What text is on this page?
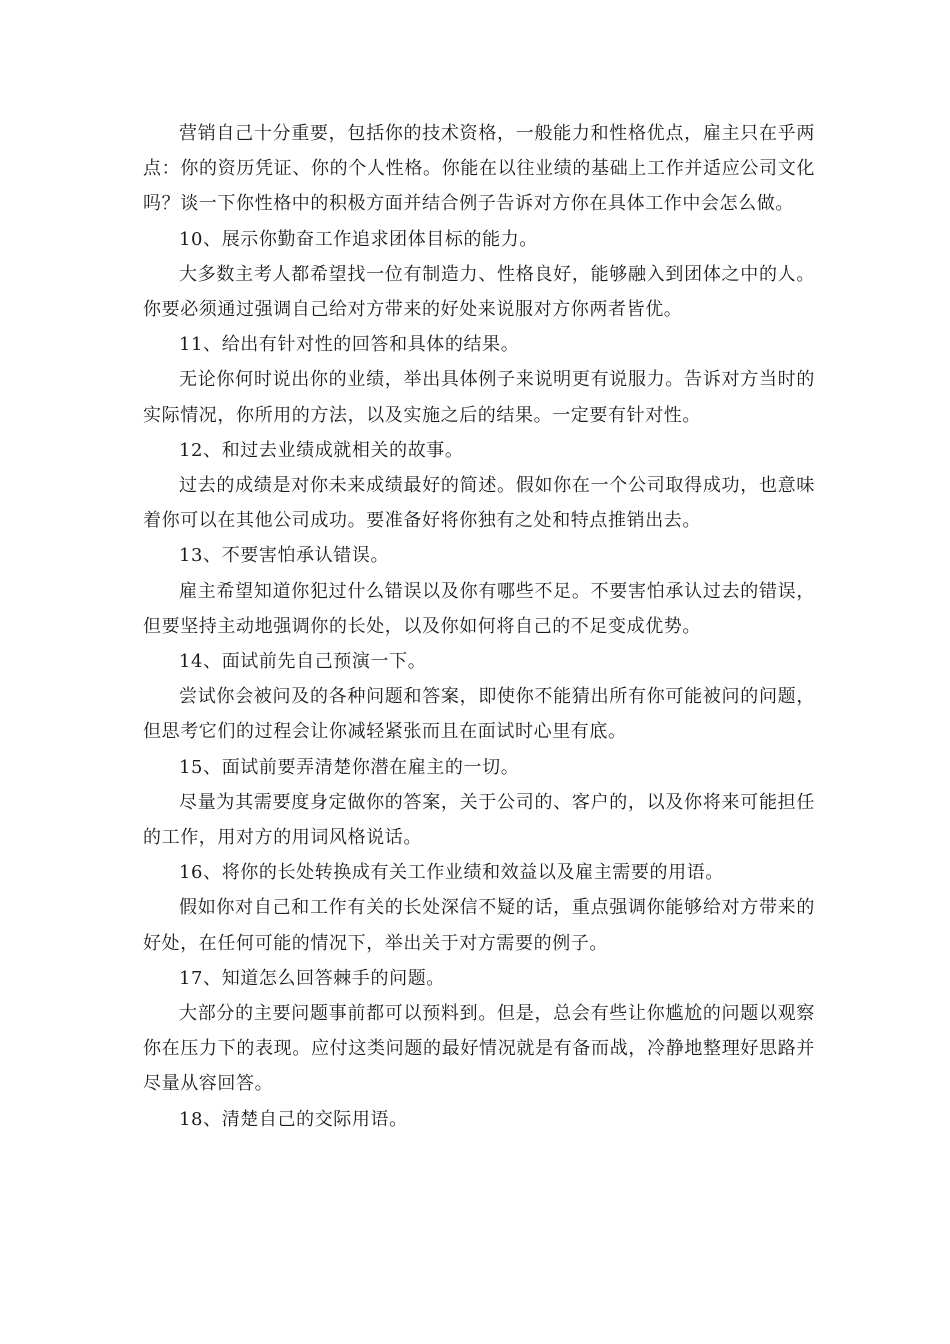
营销自己十分重要，包括你的技术资格，一般能力和性格优点，雇主只在乎两点：你的资历凭证、你的个人性格。你能在以往业绩的基础上工作并适应公司文化吗？谈一下你性格中的积极方面并结合例子告诉对方你在具体工作中会怎么做。

10、展示你勤奋工作追求团体目标的能力。

大多数主考人都希望找一位有制造力、性格良好，能够融入到团体之中的人。你要必须通过强调自己给对方带来的好处来说服对方你两者皆优。

11、给出有针对性的回答和具体的结果。

无论你何时说出你的业绩，举出具体例子来说明更有说服力。告诉对方当时的实际情况，你所用的方法，以及实施之后的结果。一定要有针对性。

12、和过去业绩成就相关的故事。

过去的成绩是对你未来成绩最好的简述。假如你在一个公司取得成功，也意味着你可以在其他公司成功。要准备好将你独有之处和特点推销出去。

13、不要害怕承认错误。

雇主希望知道你犯过什么错误以及你有哪些不足。不要害怕承认过去的错误，但要坚持主动地强调你的长处，以及你如何将自己的不足变成优势。

14、面试前先自己预演一下。

尝试你会被问及的各种问题和答案，即使你不能猜出所有你可能被问的问题，但思考它们的过程会让你减轻紧张而且在面试时心里有底。

15、面试前要弄清楚你潜在雇主的一切。

尽量为其需要度身定做你的答案，关于公司的、客户的，以及你将来可能担任的工作，用对方的用词风格说话。

16、将你的长处转换成有关工作业绩和效益以及雇主需要的用语。

假如你对自己和工作有关的长处深信不疑的话，重点强调你能够给对方带来的好处，在任何可能的情况下，举出关于对方需要的例子。

17、知道怎么回答棘手的问题。

大部分的主要问题事前都可以预料到。但是，总会有些让你尴尬的问题以观察你在压力下的表现。应付这类问题的最好情况就是有备而战，冷静地整理好思路并尽量从容回答。

18、清楚自己的交际用语。
